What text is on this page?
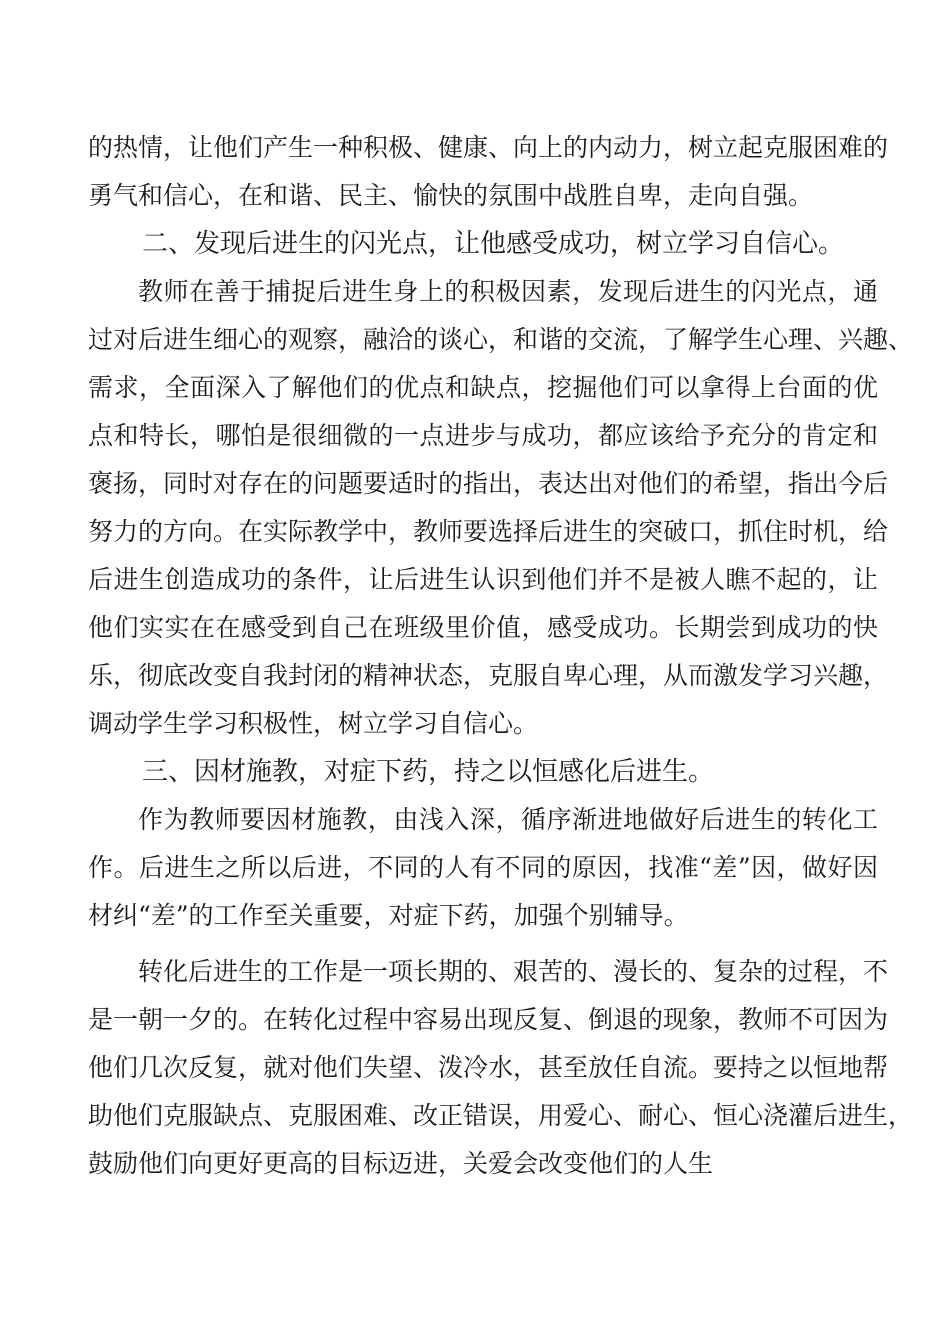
的热情，让他们产生一种积极、健康、向上的内动力，树立起克服困难的
勇气和信心，在和谐、民主、愉快的氛围中战胜自卑，走向自强。
二、发现后进生的闪光点，让他感受成功，树立学习自信心。
教师在善于捕捉后进生身上的积极因素，发现后进生的闪光点，通
过对后进生细心的观察，融洽的谈心，和谐的交流，了解学生心理、兴趣、
需求，全面深入了解他们的优点和缺点，挖掘他们可以拿得上台面的优
点和特长，哪怕是很细微的一点进步与成功，都应该给予充分的肯定和
褒扬，同时对存在的问题要适时的指出，表达出对他们的希望，指出今后
努力的方向。在实际教学中，教师要选择后进生的突破口，抓住时机，给
后进生创造成功的条件，让后进生认识到他们并不是被人瞧不起的，让
他们实实在在感受到自己在班级里价值，感受成功。长期尝到成功的快
乐，彻底改变自我封闭的精神状态，克服自卑心理，从而激发学习兴趣，
调动学生学习积极性，树立学习自信心。
三、因材施教，对症下药，持之以恒感化后进生。
作为教师要因材施教，由浅入深，循序渐进地做好后进生的转化工
作。后进生之所以后进，不同的人有不同的原因，找准“差”因，做好因
材纠“差”的工作至关重要，对症下药，加强个别辅导。
转化后进生的工作是一项长期的、艰苦的、漫长的、复杂的过程，不
是一朝一夕的。在转化过程中容易出现反复、倒退的现象，教师不可因为
他们几次反复，就对他们失望、泼冷水，甚至放任自流。要持之以恒地帮
助他们克服缺点、克服困难、改正错误，用爱心、耐心、恒心浇灌后进生，
鼓励他们向更好更高的目标迈进，关爱会改变他们的人生
